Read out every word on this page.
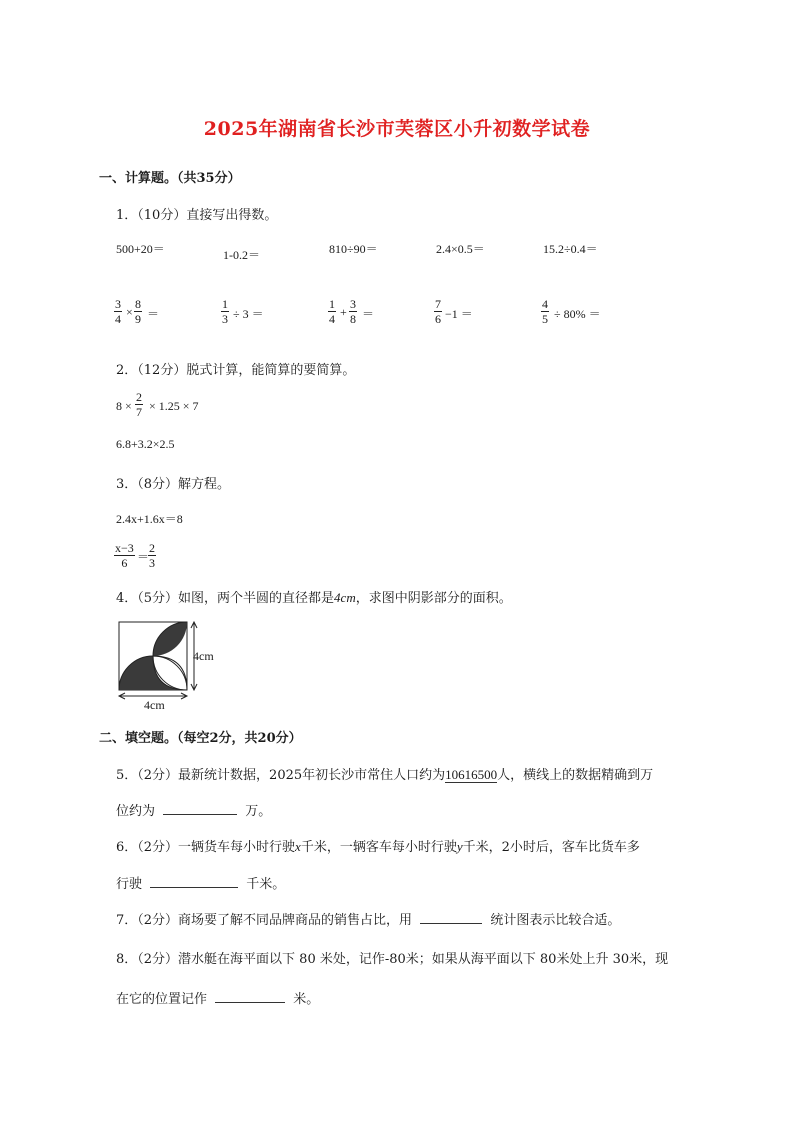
2025年湖南省长沙市芙蓉区小升初数学试卷
一、计算题。（共35分）
1．（10分）直接写出得数。
500+20＝	1-0.2＝	810÷90＝	2.4×0.5＝	15.2÷0.4＝
$\frac{3}{4} \times \frac{8}{9}$ ＝	$\frac{1}{3} \div 3$ ＝	$\frac{1}{4} + \frac{3}{8}$ ＝	$\frac{7}{6} -1$ ＝	$\frac{4}{5} \div 80\%$ ＝
2．（12分）脱式计算，能简算的要简算。
$8 \times \frac{2}{7} \times 1.25 \times 7$
6.8+3.2×2.5
3．（8分）解方程。
2.4x+1.6x＝8
$\frac{x-3}{6}$ ＝
$\frac{2}{3}$
4．（5分）如图，两个半圆的直径都是4cm，求图中阴影部分的面积。
4cm
4cm
二、填空题。（每空2分，共20分）
5．（2分）最新统计数据，2025年初长沙市常住人口约为10616500人，横线上的数据精确到万
位约为	万。
6．（2分）一辆货车每小时行驶x千米，一辆客车每小时行驶y千米，2小时后，客车比货车多
行驶	千米。
7．（2分）商场要了解不同品牌商品的销售占比，用	统计图表示比较合适。
8．（2分）潜水艇在海平面以下 80 米处，记作-80米；如果从海平面以下 80米处上升 30米，现
在它的位置记作	米。
